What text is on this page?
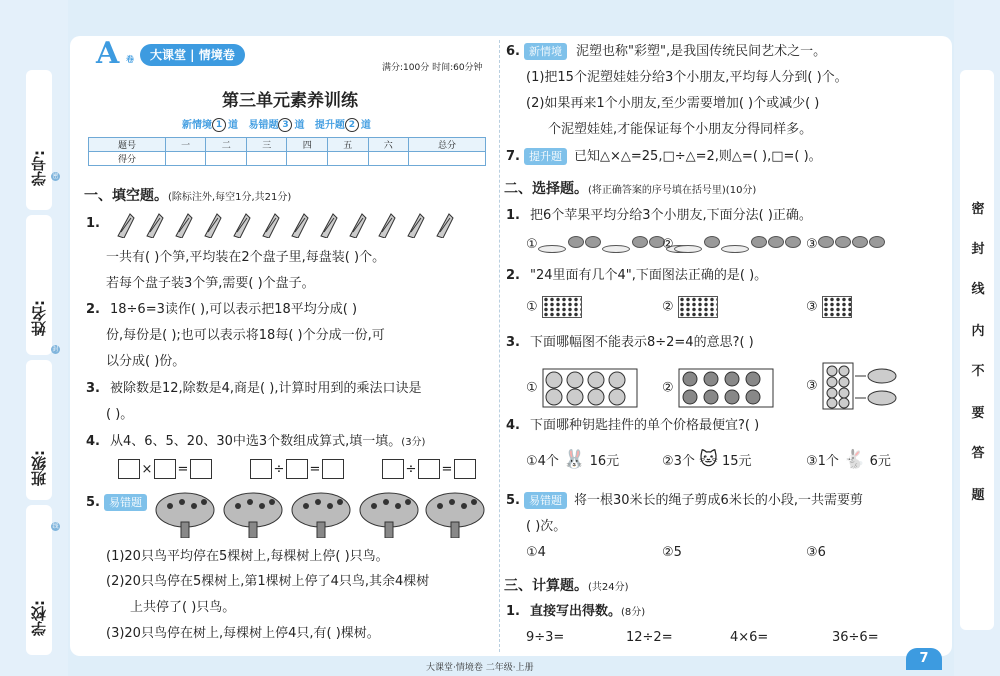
学号:
姓名:
班级:
学校:
密
封
线
密
封
线
内
不
要
答
题
A 卷	大课堂 | 情境卷
满分:100分 时间:60分钟
第三单元素养训练
新情境 1 道 易错题 3 道 提升题 2 道
题号	一	二	三	四	五	六	总分
得分							
一、填空题。(除标注外,每空1分,共21分)
1.
一共有( )个笋,平均装在2个盘子里,每盘装( )个。
若每个盘子装3个笋,需要( )个盘子。
2. 18÷6=3读作( ),可以表示把18平均分成( )
份,每份是( );也可以表示将18每( )个分成一份,可
以分成( )份。
3. 被除数是12,除数是4,商是( ),计算时用到的乘法口诀是
( )。
4. 从4、6、5、20、30中选3个数组成算式,填一填。(3分)
× =	÷ =	÷ =
5. 易错题
(1)20只鸟平均停在5棵树上,每棵树上停( )只鸟。
(2)20只鸟停在5棵树上,第1棵树上停了4只鸟,其余4棵树
上共停了( )只鸟。
(3)20只鸟停在树上,每棵树上停4只,有( )棵树。
6. 新情境	泥塑也称"彩塑",是我国传统民间艺术之一。
(1)把15个泥塑娃娃分给3个小朋友,平均每人分到( )个。
(2)如果再来1个小朋友,至少需要增加( )个或减少( )
个泥塑娃娃,才能保证每个小朋友分得同样多。
7. 提升题 已知△×△=25,□÷△=2,则△=( ),□=( )。
二、选择题。(将正确答案的序号填在括号里)(10分)
1. 把6个苹果平均分给3个小朋友,下面分法( )正确。
①	②	③
2. "24里面有几个4",下面图法正确的是( )。
①	②	③
3. 下面哪幅图不能表示8÷2=4的意思?( )
①	②	③
4. 下面哪种钥匙挂件的单个价格最便宜?( )
①4个 🐰 16元	②3个 🐱 15元	③1个 🐇 6元
5. 易错题 将一根30米长的绳子剪成6米长的小段,一共需要剪
( )次。
①4	②5	③6
三、计算题。(共24分)
1. 直接写出得数。(8分)
9÷3=	12÷2=	4×6=	36÷6=
大课堂·情境卷 二年级·上册
7
